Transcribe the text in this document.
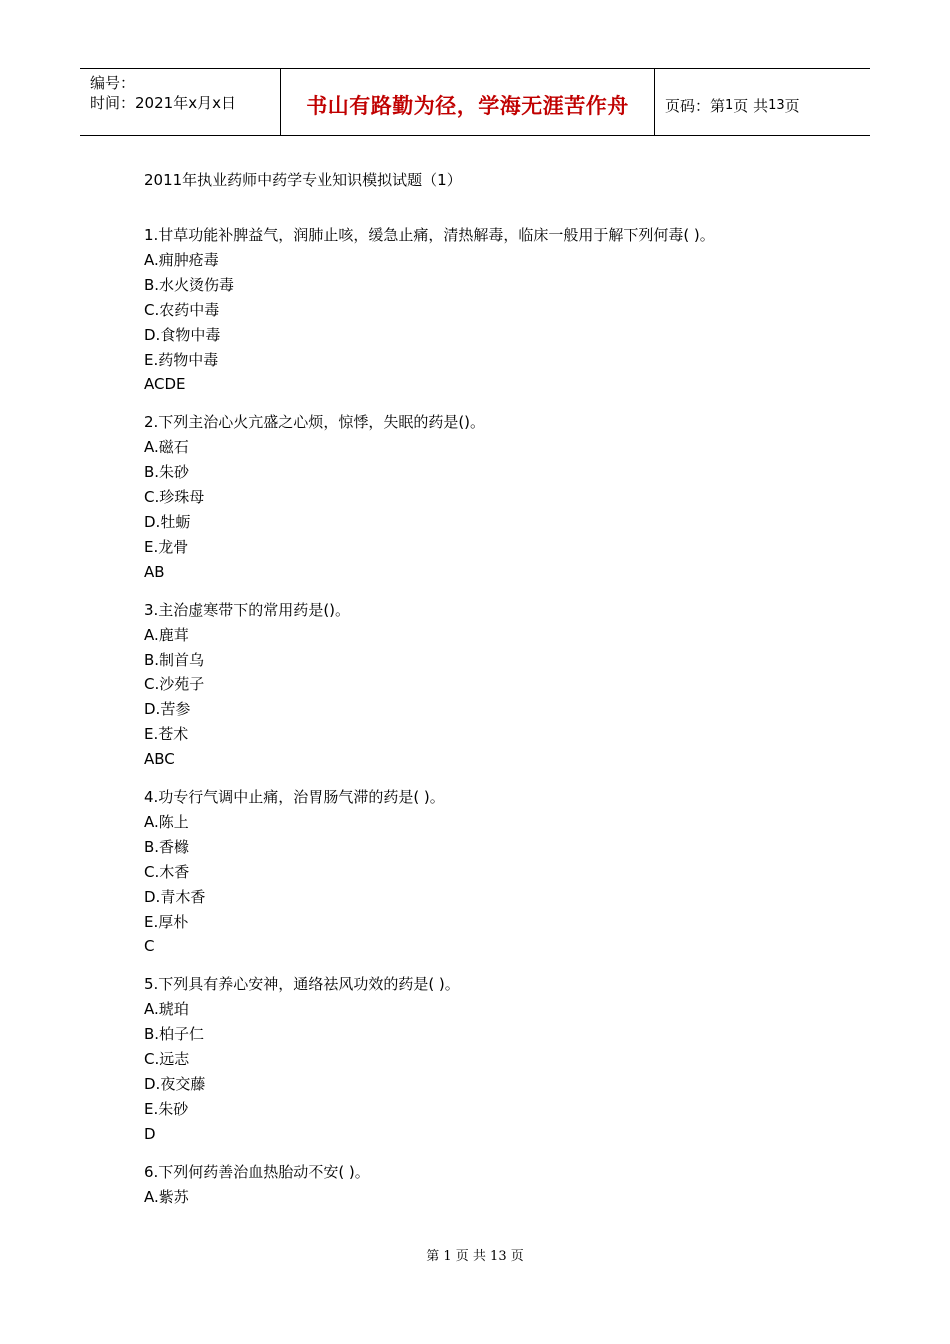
编号：
时间：2021年x月x日	书山有路勤为径，学海无涯苦作舟 页码：第 1 页 共 13 页
2011年执业药师中药学专业知识模拟试题（1）
1.甘草功能补脾益气，润肺止咳，缓急止痛，清热解毒，临床一般用于解下列何毒( )。
A.痈肿疮毒
B.水火烫伤毒
C.农药中毒
D.食物中毒
E.药物中毒
ACDE
2.下列主治心火亢盛之心烦，惊悸，失眠的药是()。
A.磁石
B.朱砂
C.珍珠母
D.牡蛎
E.龙骨
AB
3.主治虚寒带下的常用药是()。
A.鹿茸
B.制首乌
C.沙苑子
D.苦参
E.苍术
ABC
4.功专行气调中止痛，治胃肠气滞的药是( )。
A.陈上
B.香橼
C.木香
D.青木香
E.厚朴
C
5.下列具有养心安神，通络祛风功效的药是( )。
A.琥珀
B.柏子仁
C.远志
D.夜交藤
E.朱砂
D
6.下列何药善治血热胎动不安( )。
A.紫苏
第 1 页 共 13 页
